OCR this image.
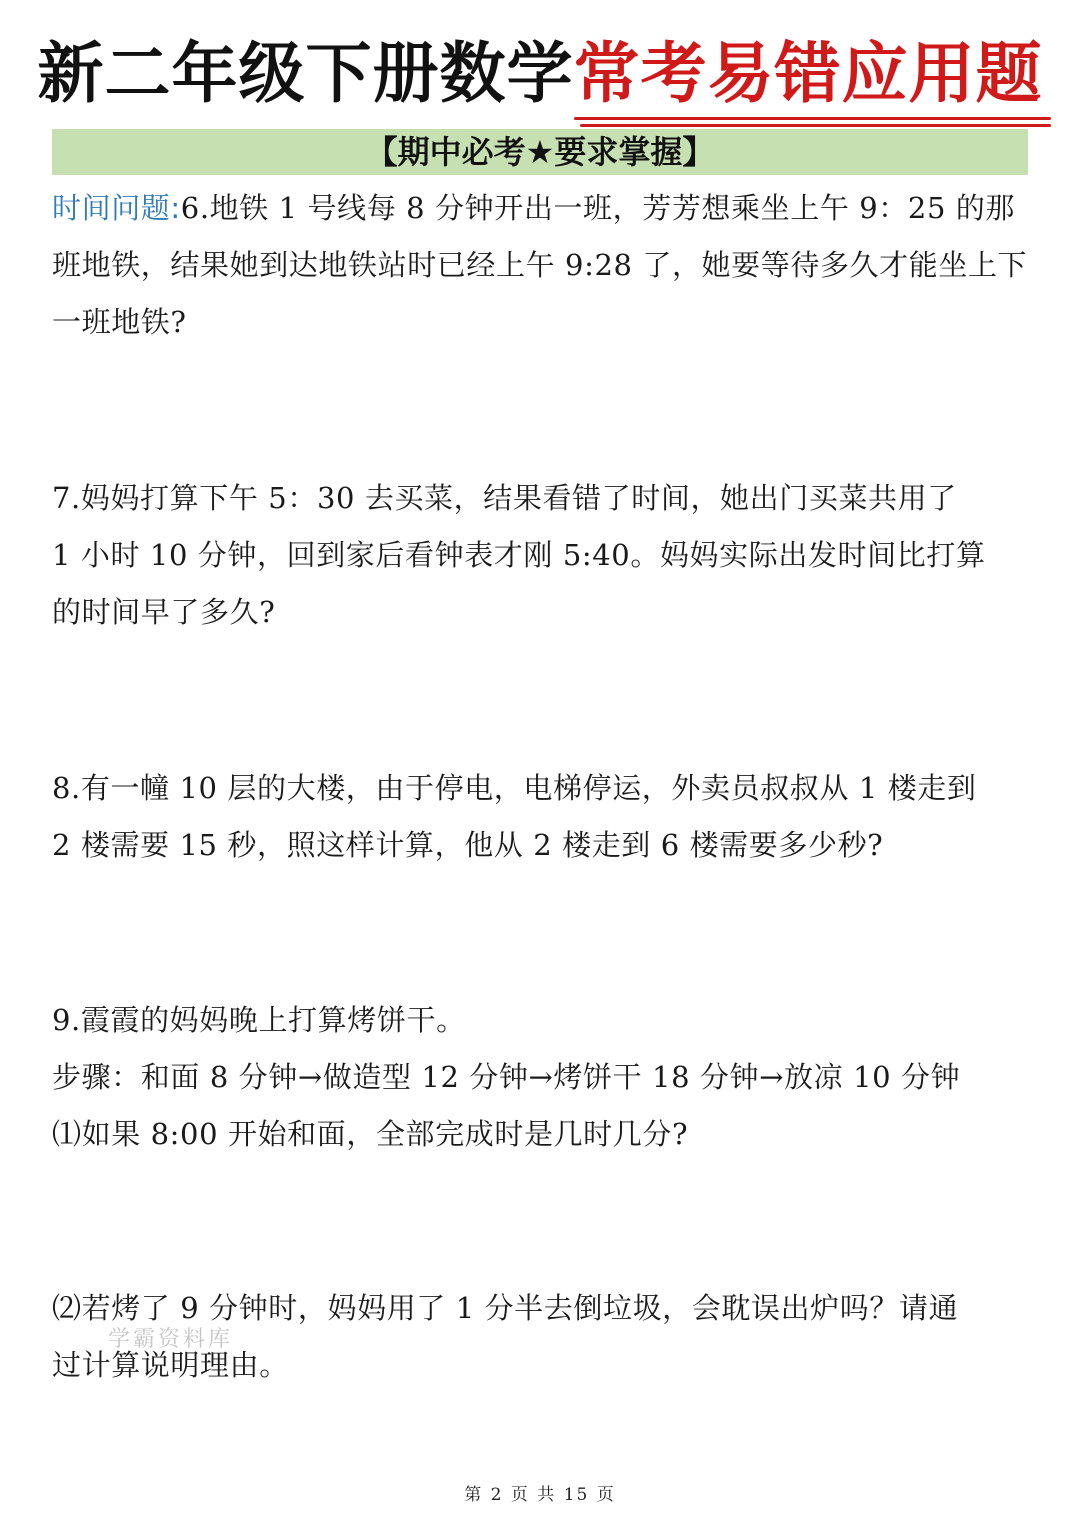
新二年级下册数学常考易错应用题
【期中必考★要求掌握】
时间问题:6.地铁 1 号线每 8 分钟开出一班，芳芳想乘坐上午 9：25 的那
班地铁，结果她到达地铁站时已经上午 9:28 了，她要等待多久才能坐上下
一班地铁?
7.妈妈打算下午 5：30 去买菜，结果看错了时间，她出门买菜共用了
1 小时 10 分钟，回到家后看钟表才刚 5:40。妈妈实际出发时间比打算
的时间早了多久?
8.有一幢 10 层的大楼，由于停电，电梯停运，外卖员叔叔从 1 楼走到
2 楼需要 15 秒，照这样计算，他从 2 楼走到 6 楼需要多少秒?
9.霞霞的妈妈晚上打算烤饼干。
步骤：和面 8 分钟→做造型 12 分钟→烤饼干 18 分钟→放凉 10 分钟
⑴如果 8:00 开始和面，全部完成时是几时几分?
⑵若烤了 9 分钟时，妈妈用了 1 分半去倒垃圾，会耽误出炉吗？请通
过计算说明理由。
学霸资料库
第 2 页 共 15 页
